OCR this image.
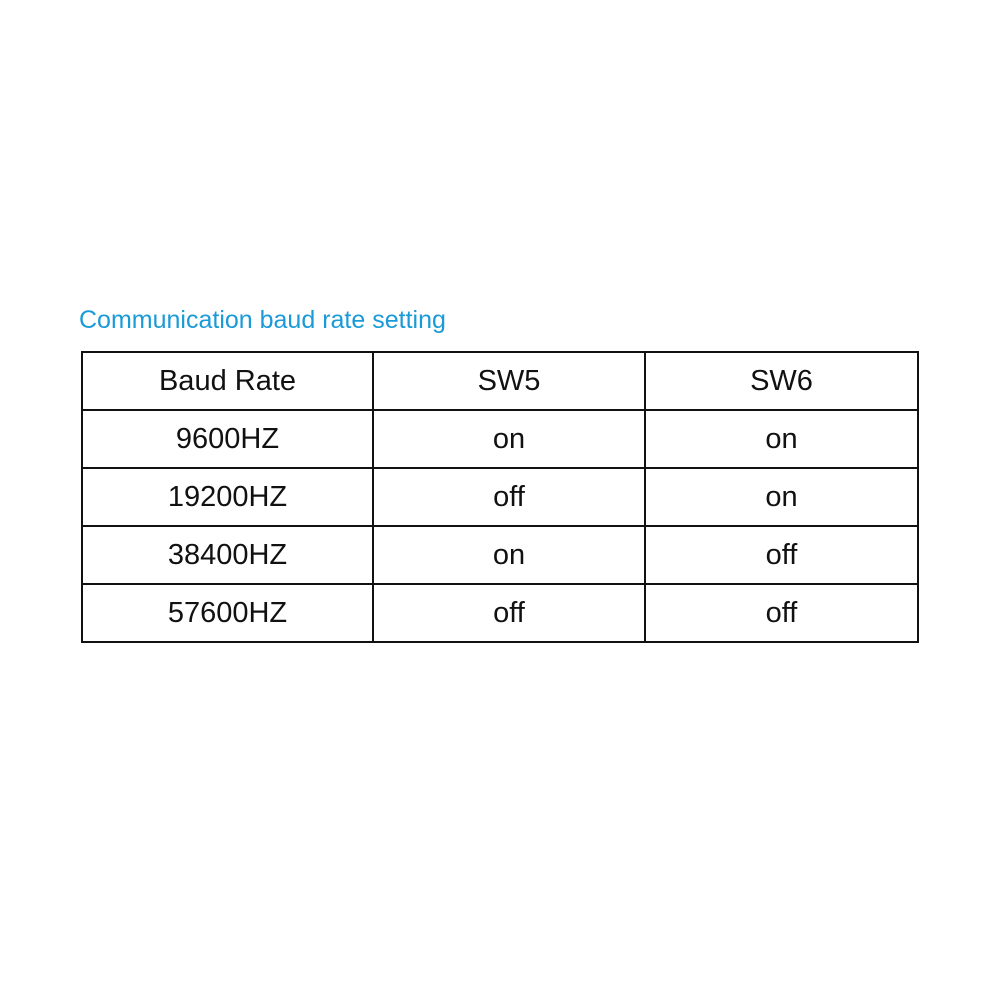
Communication baud rate setting
Baud Rate	SW5	SW6
9600HZ	on	on
19200HZ	off	on
38400HZ	on	off
57600HZ	off	off
